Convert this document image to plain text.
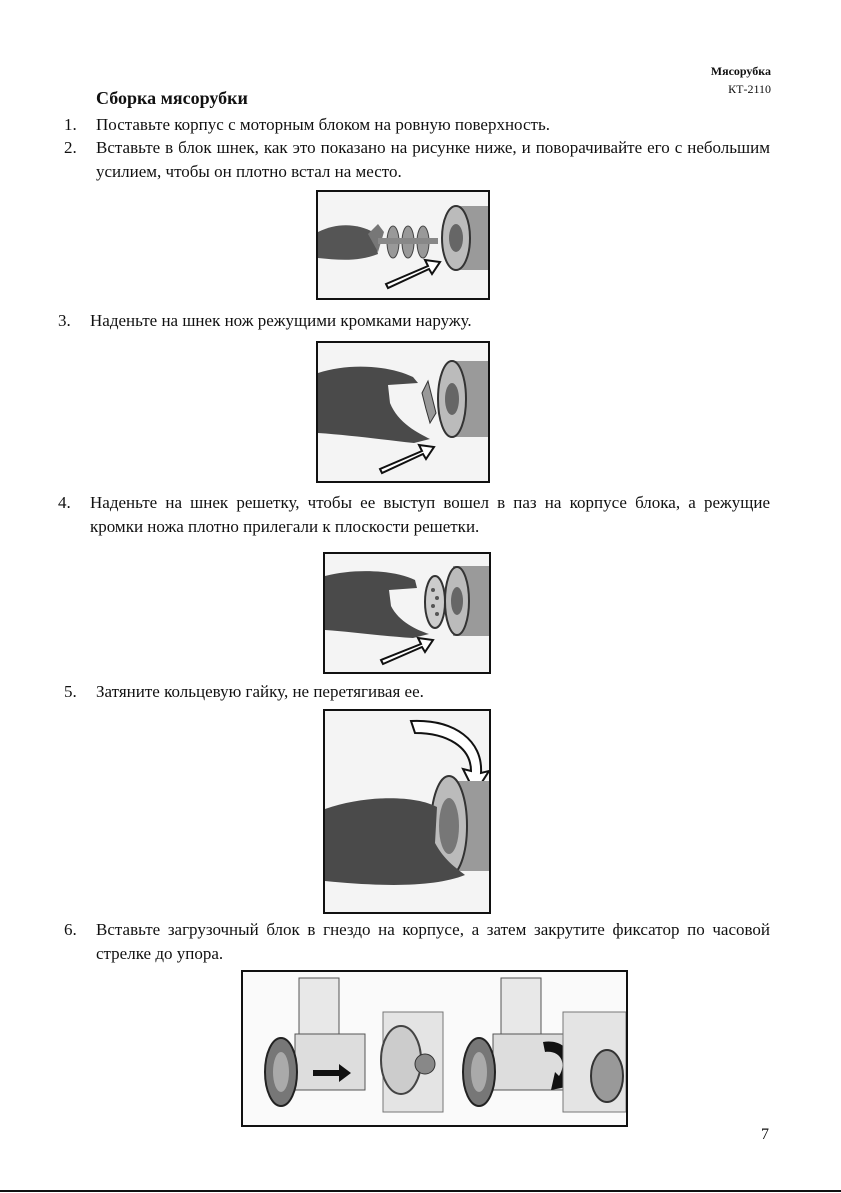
Мясорубка
КТ-2110
Сборка мясорубки
1. Поставьте корпус с моторным блоком на ровную поверхность.
2. Вставьте в блок шнек, как это показано на рисунке ниже, и поворачивайте его с небольшим усилием, чтобы он плотно встал на место.
3. Наденьте на шнек нож режущими кромками наружу.
4. Наденьте на шнек решетку, чтобы ее выступ вошел в паз на корпусе блока, а режущие кромки ножа плотно прилегали к плоскости решетки.
5. Затяните кольцевую гайку, не перетягивая ее.
6. Вставьте загрузочный блок в гнездо на корпусе, а затем закрутите фиксатор по часовой стрелке до упора.
7
